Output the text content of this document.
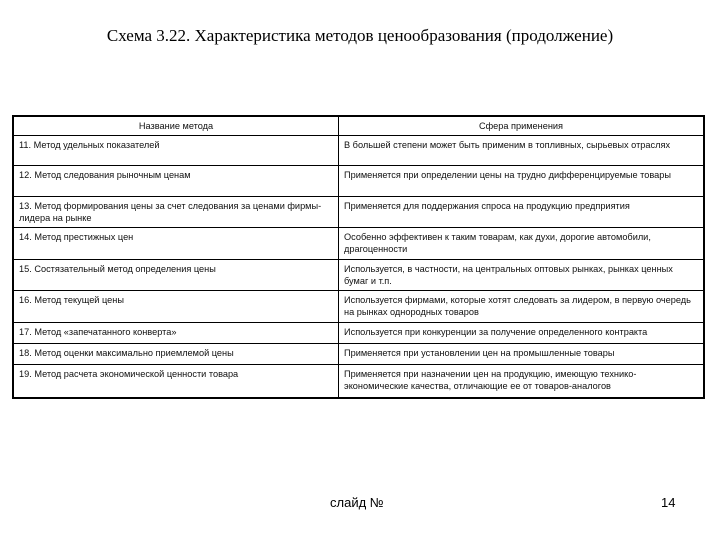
Схема 3.22. Характеристика методов ценообразования (продолжение)
Название метода	Сфера применения
11. Метод удельных показателей	В большей степени может быть применим в топливных, сырьевых отраслях
12. Метод следования рыночным ценам	Применяется при определении цены на трудно дифференцируемые товары
13. Метод формирования цены за счет следования за ценами фирмы-лидера на рынке	Применяется для поддержания спроса на продукцию предприятия
14. Метод престижных цен	Особенно эффективен к таким товарам, как духи, дорогие автомобили, драгоценности
15. Состязательный метод определения цены	Используется, в частности, на центральных оптовых рынках, рынках ценных бумаг и т.п.
16. Метод текущей цены	Используется фирмами, которые хотят следовать за лидером, в первую очередь на рынках однородных товаров
17. Метод «запечатанного конверта»	Используется при конкуренции за получение определенного контракта
18. Метод оценки максимально приемлемой цены	Применяется при установлении цен на промышленные товары
19. Метод расчета экономической ценности товара	Применяется при назначении цен на продукцию, имеющую технико-экономические качества, отличающие ее от товаров-аналогов
слайд №	14
